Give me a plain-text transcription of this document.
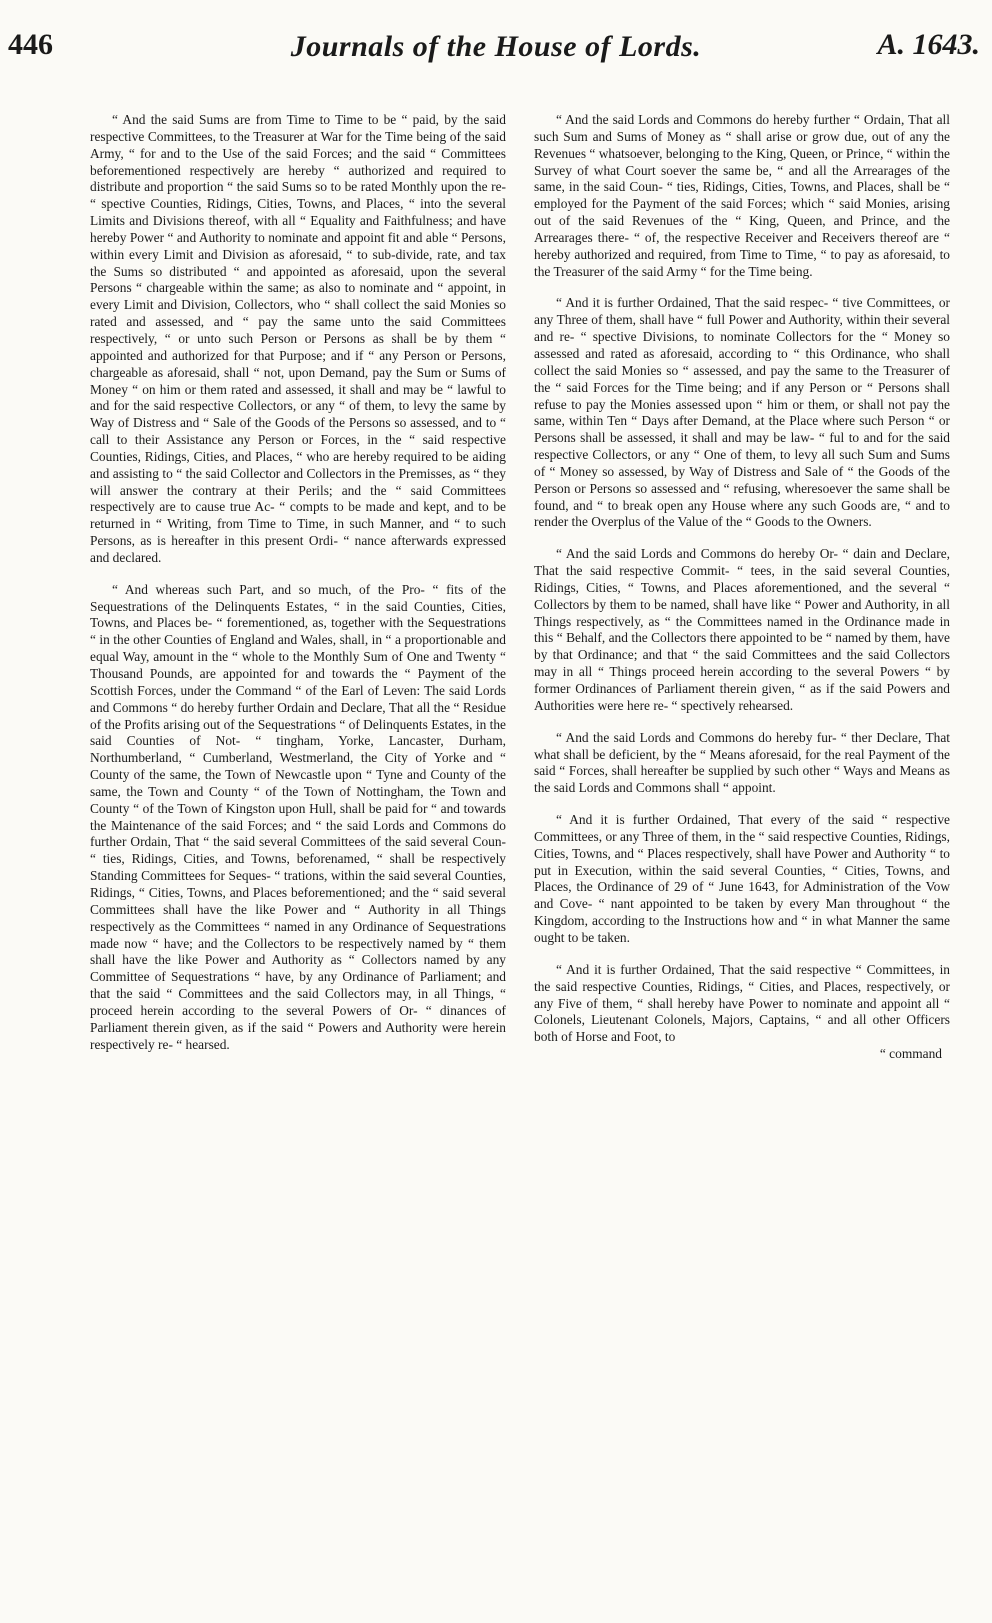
446	Journals of the House of Lords.	A. 1643.

“ And the said Sums are from Time to Time to be “ paid, by the said respective Committees, to the Treasurer at War for the Time being of the said Army, “ for and to the Use of the said Forces; and the said “ Committees beforementioned respectively are hereby “ authorized and required to distribute and proportion “ the said Sums so to be rated Monthly upon the re- “ spective Counties, Ridings, Cities, Towns, and Places, “ into the several Limits and Divisions thereof, with all “ Equality and Faithfulness; and have hereby Power “ and Authority to nominate and appoint fit and able “ Persons, within every Limit and Division as aforesaid, “ to sub-divide, rate, and tax the Sums so distributed “ and appointed as aforesaid, upon the several Persons “ chargeable within the same; as also to nominate and “ appoint, in every Limit and Division, Collectors, who “ shall collect the said Monies so rated and assessed, and “ pay the same unto the said Committees respectively, “ or unto such Person or Persons as shall be by them “ appointed and authorized for that Purpose; and if “ any Person or Persons, chargeable as aforesaid, shall “ not, upon Demand, pay the Sum or Sums of Money “ on him or them rated and assessed, it shall and may be “ lawful to and for the said respective Collectors, or any “ of them, to levy the same by Way of Distress and “ Sale of the Goods of the Persons so assessed, and to “ call to their Assistance any Person or Forces, in the “ said respective Counties, Ridings, Cities, and Places, “ who are hereby required to be aiding and assisting to “ the said Collector and Collectors in the Premisses, as “ they will answer the contrary at their Perils; and the “ said Committees respectively are to cause true Ac- “ compts to be made and kept, and to be returned in “ Writing, from Time to Time, in such Manner, and “ to such Persons, as is hereafter in this present Ordi- “ nance afterwards expressed and declared.

“ And whereas such Part, and so much, of the Pro- “ fits of the Sequestrations of the Delinquents Estates, “ in the said Counties, Cities, Towns, and Places be- “ forementioned, as, together with the Sequestrations “ in the other Counties of England and Wales, shall, in “ a proportionable and equal Way, amount in the “ whole to the Monthly Sum of One and Twenty “ Thousand Pounds, are appointed for and towards the “ Payment of the Scottish Forces, under the Command “ of the Earl of Leven: The said Lords and Commons “ do hereby further Ordain and Declare, That all the “ Residue of the Profits arising out of the Sequestrations “ of Delinquents Estates, in the said Counties of Not- “ tingham, Yorke, Lancaster, Durham, Northumberland, “ Cumberland, Westmerland, the City of Yorke and “ County of the same, the Town of Newcastle upon “ Tyne and County of the same, the Town and County “ of the Town of Nottingham, the Town and County “ of the Town of Kingston upon Hull, shall be paid for “ and towards the Maintenance of the said Forces; and “ the said Lords and Commons do further Ordain, That “ the said several Committees of the said several Coun- “ ties, Ridings, Cities, and Towns, beforenamed, “ shall be respectively Standing Committees for Seques- “ trations, within the said several Counties, Ridings, “ Cities, Towns, and Places beforementioned; and the “ said several Committees shall have the like Power and “ Authority in all Things respectively as the Committees “ named in any Ordinance of Sequestrations made now “ have; and the Collectors to be respectively named by “ them shall have the like Power and Authority as “ Collectors named by any Committee of Sequestrations “ have, by any Ordinance of Parliament; and that the said “ Committees and the said Collectors may, in all Things, “ proceed herein according to the several Powers of Or- “ dinances of Parliament therein given, as if the said “ Powers and Authority were herein respectively re- “ hearsed.

“ And the said Lords and Commons do hereby further “ Ordain, That all such Sum and Sums of Money as “ shall arise or grow due, out of any the Revenues “ whatsoever, belonging to the King, Queen, or Prince, “ within the Survey of what Court soever the same be, “ and all the Arrearages of the same, in the said Coun- “ ties, Ridings, Cities, Towns, and Places, shall be “ employed for the Payment of the said Forces; which “ said Monies, arising out of the said Revenues of the “ King, Queen, and Prince, and the Arrearages there- “ of, the respective Receiver and Receivers thereof are “ hereby authorized and required, from Time to Time, “ to pay as aforesaid, to the Treasurer of the said Army “ for the Time being.

“ And it is further Ordained, That the said respec- “ tive Committees, or any Three of them, shall have “ full Power and Authority, within their several and re- “ spective Divisions, to nominate Collectors for the “ Money so assessed and rated as aforesaid, according to “ this Ordinance, who shall collect the said Monies so “ assessed, and pay the same to the Treasurer of the “ said Forces for the Time being; and if any Person or “ Persons shall refuse to pay the Monies assessed upon “ him or them, or shall not pay the same, within Ten “ Days after Demand, at the Place where such Person “ or Persons shall be assessed, it shall and may be law- “ ful to and for the said respective Collectors, or any “ One of them, to levy all such Sum and Sums of “ Money so assessed, by Way of Distress and Sale of “ the Goods of the Person or Persons so assessed and “ refusing, wheresoever the same shall be found, and “ to break open any House where any such Goods are, “ and to render the Overplus of the Value of the “ Goods to the Owners.

“ And the said Lords and Commons do hereby Or- “ dain and Declare, That the said respective Commit- “ tees, in the said several Counties, Ridings, Cities, “ Towns, and Places aforementioned, and the several “ Collectors by them to be named, shall have like “ Power and Authority, in all Things respectively, as “ the Committees named in the Ordinance made in this “ Behalf, and the Collectors there appointed to be “ named by them, have by that Ordinance; and that “ the said Committees and the said Collectors may in all “ Things proceed herein according to the several Powers “ by former Ordinances of Parliament therein given, “ as if the said Powers and Authorities were here re- “ spectively rehearsed.

“ And the said Lords and Commons do hereby fur- “ ther Declare, That what shall be deficient, by the “ Means aforesaid, for the real Payment of the said “ Forces, shall hereafter be supplied by such other “ Ways and Means as the said Lords and Commons shall “ appoint.

“ And it is further Ordained, That every of the said “ respective Committees, or any Three of them, in the “ said respective Counties, Ridings, Cities, Towns, and “ Places respectively, shall have Power and Authority “ to put in Execution, within the said several Counties, “ Cities, Towns, and Places, the Ordinance of 29 of “ June 1643, for Administration of the Vow and Cove- “ nant appointed to be taken by every Man throughout “ the Kingdom, according to the Instructions how and “ in what Manner the same ought to be taken.

“ And it is further Ordained, That the said respective “ Committees, in the said respective Counties, Ridings, “ Cities, and Places, respectively, or any Five of them, “ shall hereby have Power to nominate and appoint all “ Colonels, Lieutenant Colonels, Majors, Captains, “ and all other Officers both of Horse and Foot, to

“ command
